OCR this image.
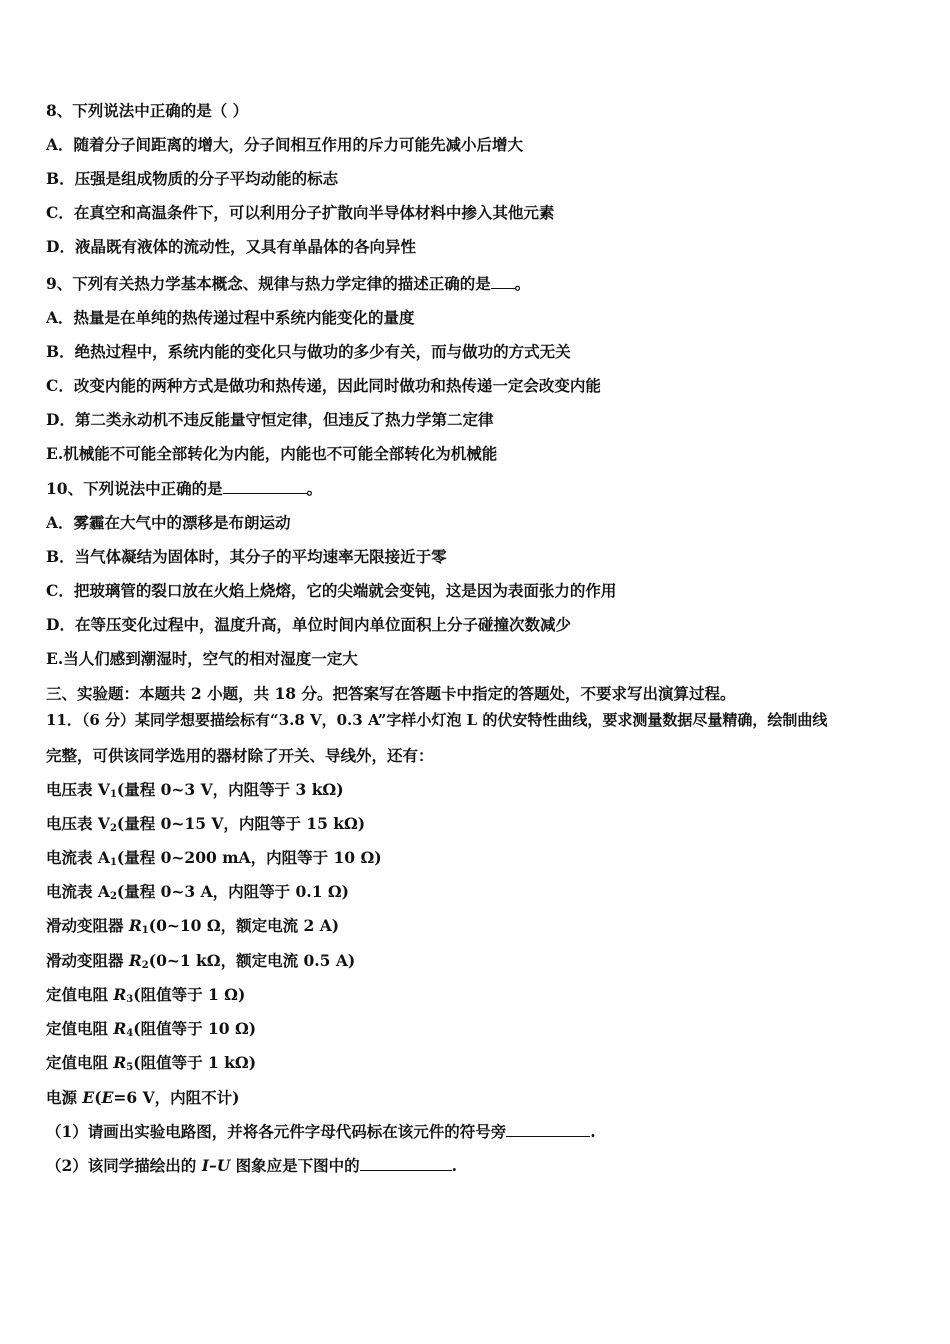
8、下列说法中正确的是（ ）
A．随着分子间距离的增大，分子间相互作用的斥力可能先减小后增大
B．压强是组成物质的分子平均动能的标志
C．在真空和高温条件下，可以利用分子扩散向半导体材料中掺入其他元素
D．液晶既有液体的流动性，又具有单晶体的各向异性
9、下列有关热力学基本概念、规律与热力学定律的描述正确的是 。
A．热量是在单纯的热传递过程中系统内能变化的量度
B．绝热过程中，系统内能的变化只与做功的多少有关，而与做功的方式无关
C．改变内能的两种方式是做功和热传递，因此同时做功和热传递一定会改变内能
D．第二类永动机不违反能量守恒定律，但违反了热力学第二定律
E.机械能不可能全部转化为内能，内能也不可能全部转化为机械能
10、下列说法中正确的是	。
A．雾霾在大气中的漂移是布朗运动
B．当气体凝结为固体时，其分子的平均速率无限接近于零
C．把玻璃管的裂口放在火焰上烧熔，它的尖端就会变钝，这是因为表面张力的作用
D．在等压变化过程中，温度升高，单位时间内单位面积上分子碰撞次数减少
E.当人们感到潮湿时，空气的相对湿度一定大
三、实验题：本题共 2 小题，共 18 分。把答案写在答题卡中指定的答题处，不要求写出演算过程。
11．（6 分）某同学想要描绘标有“3.8 V，0.3 A”字样小灯泡 L 的伏安特性曲线，要求测量数据尽量精确，绘制曲线
完整，可供该同学选用的器材除了开关、导线外，还有：
电压表 $V_1$(量程 0~3 V，内阻等于 3 kΩ)
电压表 $V_2$(量程 0~15 V，内阻等于 15 kΩ)
电流表 $A_1$(量程 0~200 mA，内阻等于 10 Ω)
电流表 $A_2$(量程 0~3 A，内阻等于 0.1 Ω)
滑动变阻器 $R_1(0\sim 10$ Ω，额定电流 2 A)
滑动变阻器 $R_2(0\sim 1$ kΩ，额定电流 0.5 A)
定值电阻 $R_3$(阻值等于 1 Ω)
定值电阻 $R_4$(阻值等于 10 Ω)
定值电阻 $R_5$(阻值等于 1 kΩ)
电源 E(E=6 V，内阻不计)
（1）请画出实验电路图，并将各元件字母代码标在该元件的符号旁	.
（2）该同学描绘出的 I–U 图象应是下图中的	.
